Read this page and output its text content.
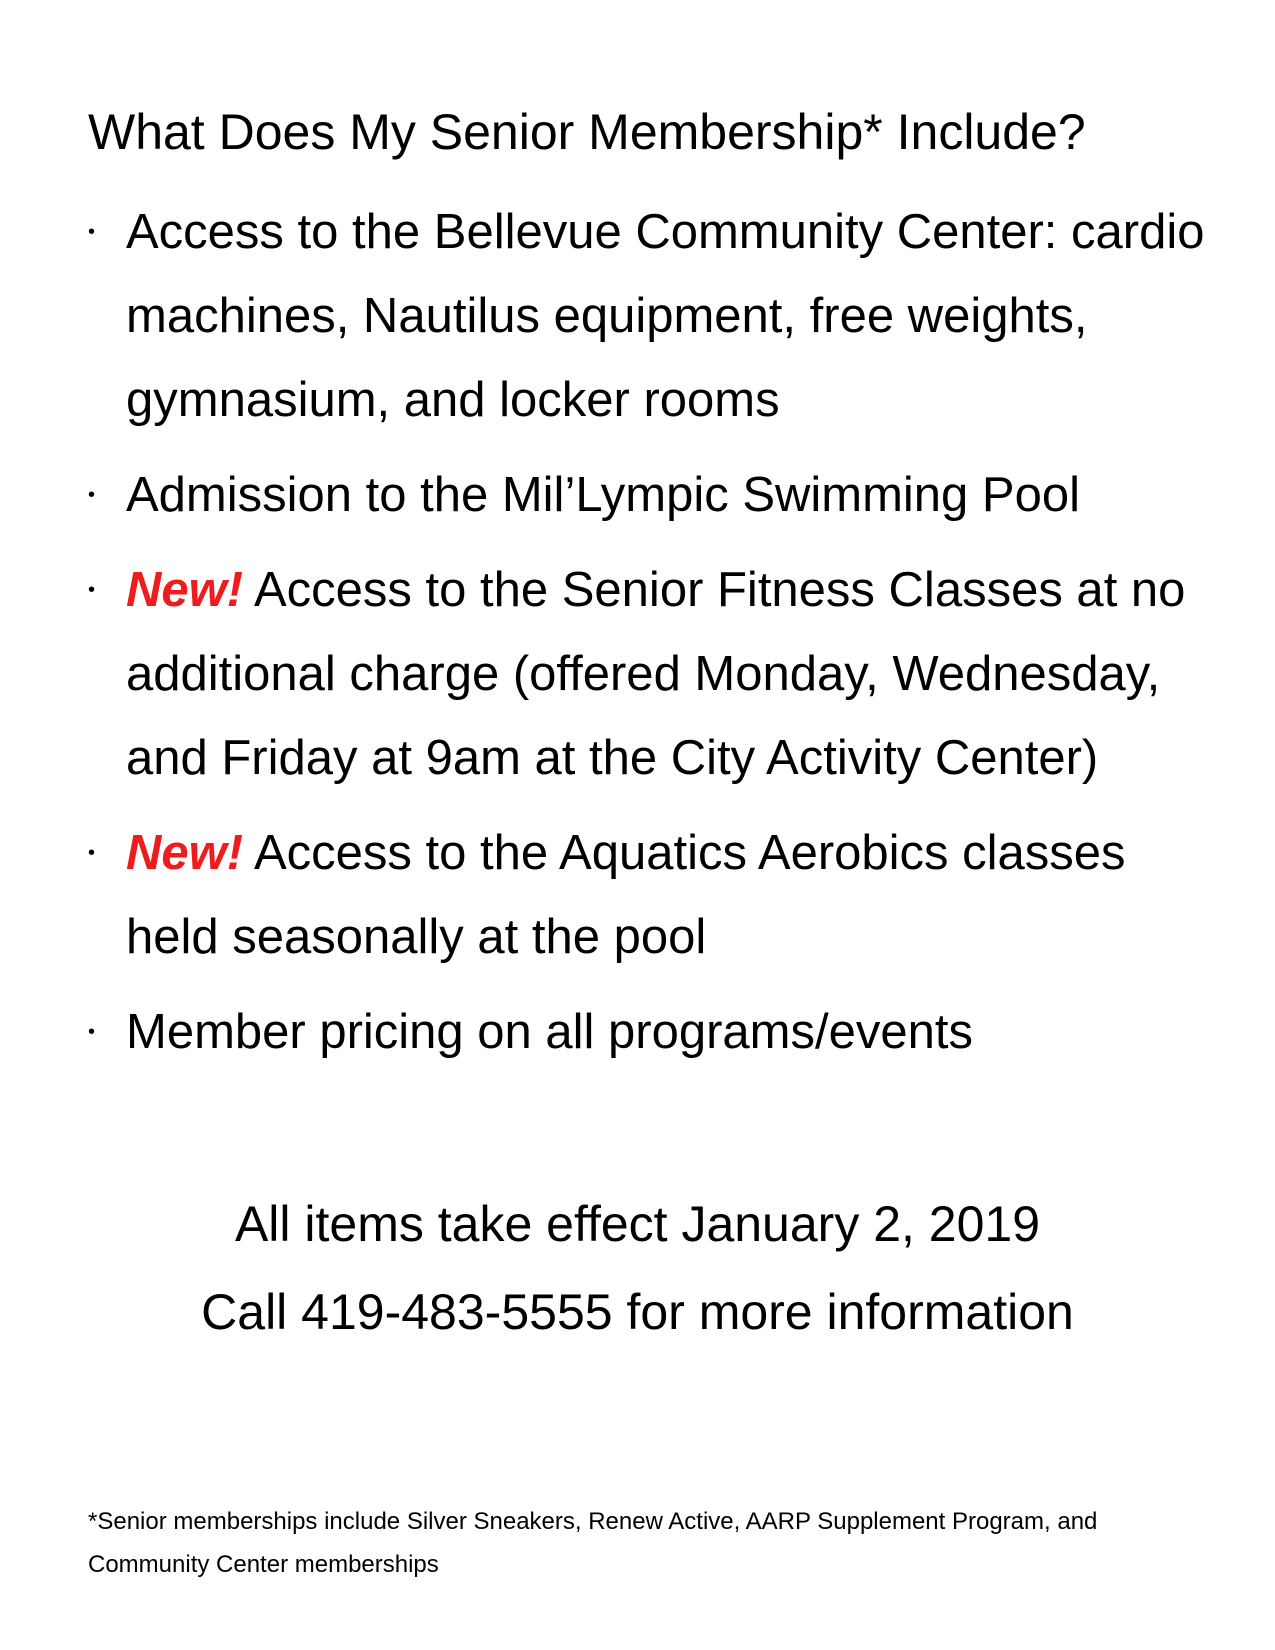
What Does My Senior Membership* Include?
• Access to the Bellevue Community Center: cardio machines, Nautilus equipment, free weights, gymnasium, and locker rooms
• Admission to the Mil’Lympic Swimming Pool
• New! Access to the Senior Fitness Classes at no additional charge (offered Monday, Wednesday, and Friday at 9am at the City Activity Center)
• New! Access to the Aquatics Aerobics classes held seasonally at the pool
• Member pricing on all programs/events
All items take effect January 2, 2019
Call 419-483-5555 for more information
*Senior memberships include Silver Sneakers, Renew Active, AARP Supplement Program, and Community Center memberships
